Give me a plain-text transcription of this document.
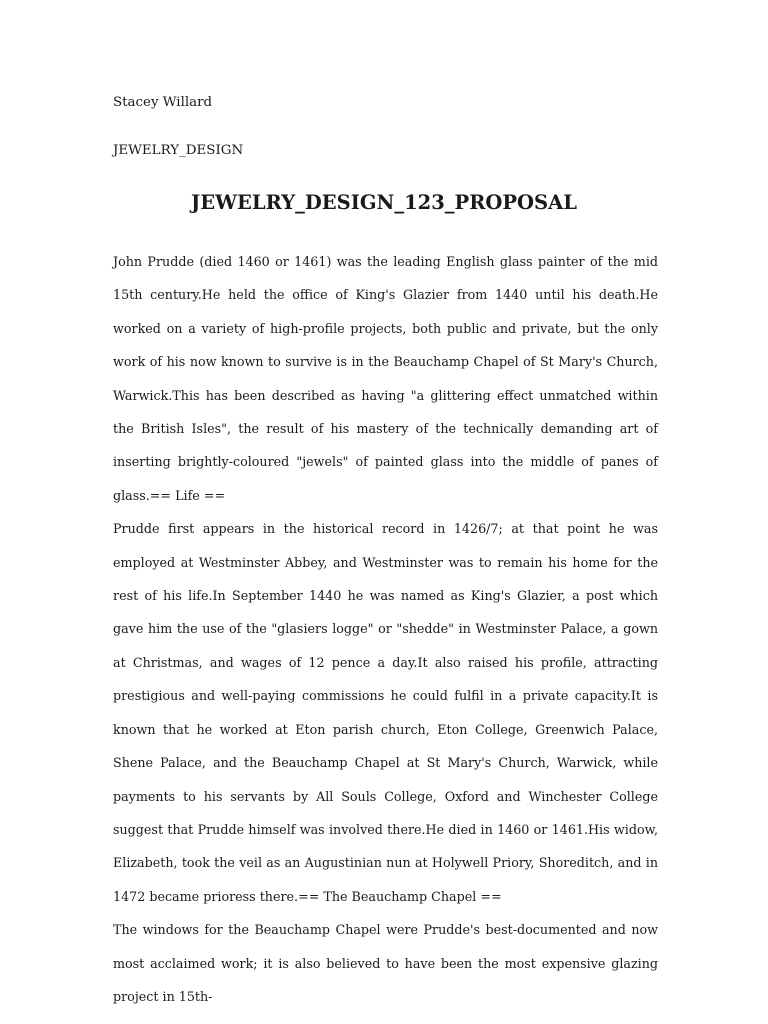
Stacey Willard
JEWELRY_DESIGN
JEWELRY_DESIGN_123_PROPOSAL

John Prudde (died 1460 or 1461) was the leading English glass painter of the mid 15th century.He held the office of King's Glazier from 1440 until his death.He worked on a variety of high-profile projects, both public and private, but the only work of his now known to survive is in the Beauchamp Chapel of St Mary's Church, Warwick.This has been described as having "a glittering effect unmatched within the British Isles", the result of his mastery of the technically demanding art of inserting brightly-coloured "jewels" of painted glass into the middle of panes of glass.== Life ==

Prudde first appears in the historical record in 1426/7; at that point he was employed at Westminster Abbey, and Westminster was to remain his home for the rest of his life.In September 1440 he was named as King's Glazier, a post which gave him the use of the "glasiers logge" or "shedde" in Westminster Palace, a gown at Christmas, and wages of 12 pence a day.It also raised his profile, attracting prestigious and well-paying commissions he could fulfil in a private capacity.It is known that he worked at Eton parish church, Eton College, Greenwich Palace, Shene Palace, and the Beauchamp Chapel at St Mary's Church, Warwick, while payments to his servants by All Souls College, Oxford and Winchester College suggest that Prudde himself was involved there.He died in 1460 or 1461.His widow, Elizabeth, took the veil as an Augustinian nun at Holywell Priory, Shoreditch, and in 1472 became prioress there.== The Beauchamp Chapel ==

The windows for the Beauchamp Chapel were Prudde's best-documented and now most acclaimed work; it is also believed to have been the most expensive glazing project in 15th-
